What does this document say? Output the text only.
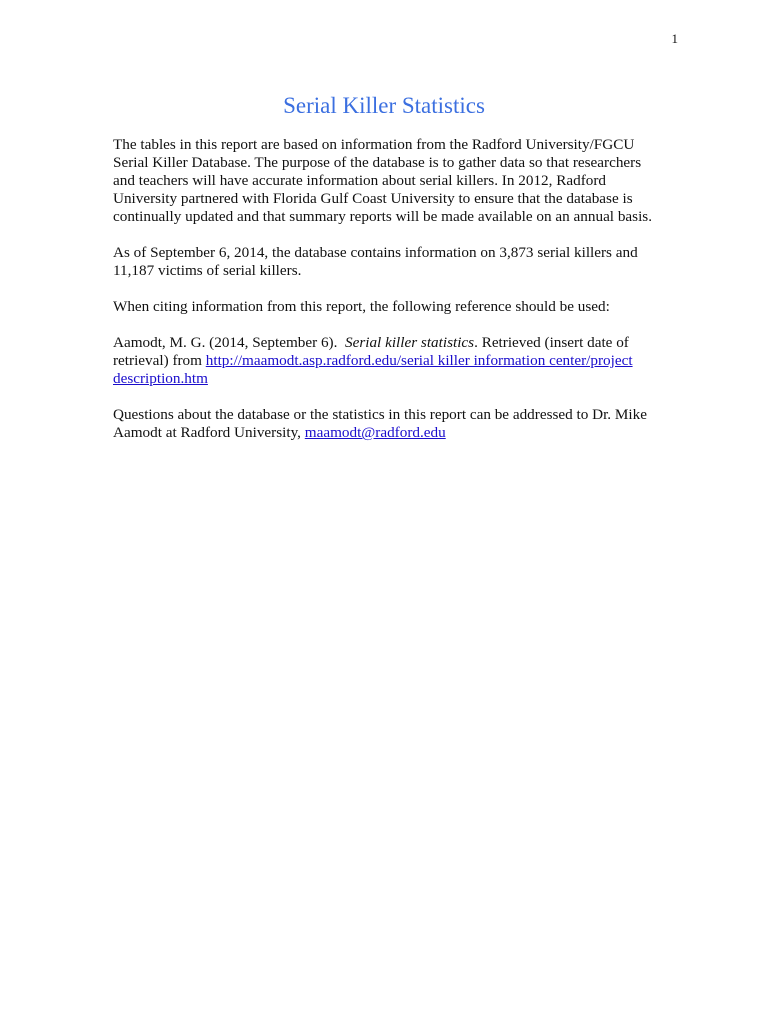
1
Serial Killer Statistics

The tables in this report are based on information from the Radford University/FGCU
Serial Killer Database. The purpose of the database is to gather data so that researchers
and teachers will have accurate information about serial killers. In 2012, Radford
University partnered with Florida Gulf Coast University to ensure that the database is
continually updated and that summary reports will be made available on an annual basis.

As of September 6, 2014, the database contains information on 3,873 serial killers and
11,187 victims of serial killers.

When citing information from this report, the following reference should be used:

Aamodt, M. G. (2014, September 6).  Serial killer statistics. Retrieved (insert date of
retrieval) from http://maamodt.asp.radford.edu/serial killer information center/project
description.htm

Questions about the database or the statistics in this report can be addressed to Dr. Mike
Aamodt at Radford University, maamodt@radford.edu
